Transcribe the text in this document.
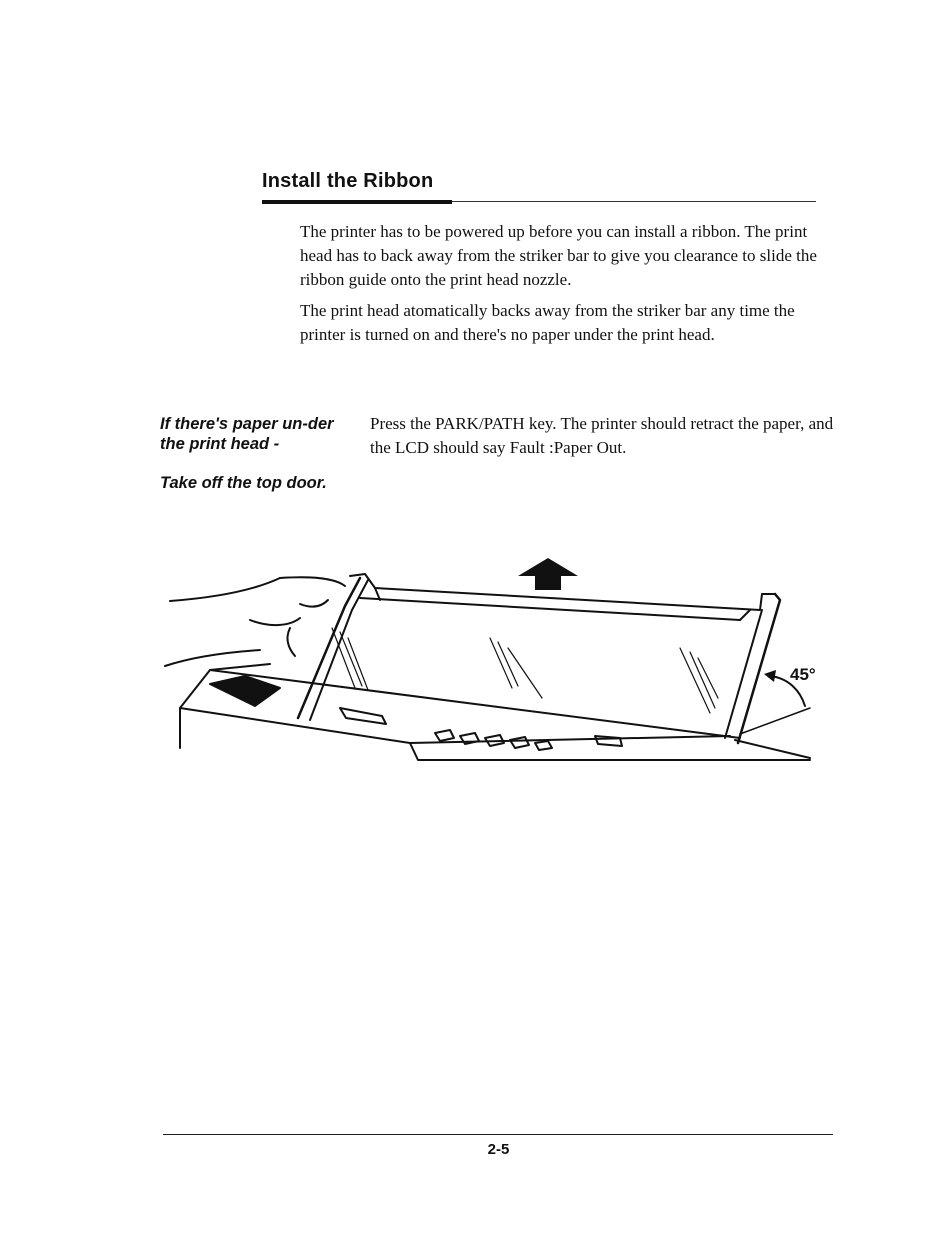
Install the Ribbon
The printer has to be powered up before you can install a ribbon. The print head has to back away from the striker bar to give you clearance to slide the ribbon guide onto the print head nozzle.
The print head atomatically backs away from the striker bar any time the printer is turned on and there's no paper under the print head.
If there's paper un-der the print head -
Press the PARK/PATH key. The printer should retract the paper, and the LCD should say Fault :Paper Out.
Take off the top door.
45°
2-5
